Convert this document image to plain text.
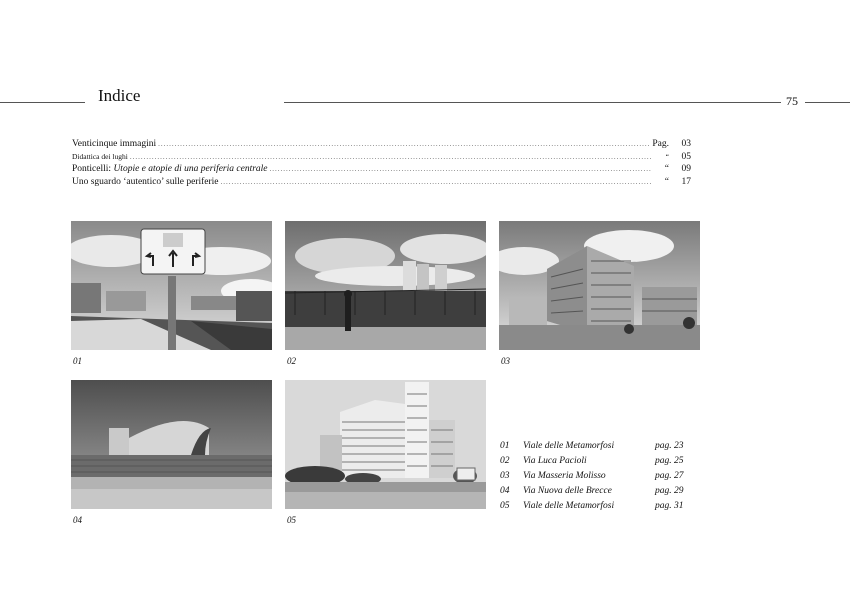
Indice	75
Venticinque immagini .....	Pag.	03
Didattica dei lughi .....	“	05
Ponticelli: Utopie e atopie di una periferia centrale .....	“	09
Uno sguardo ‘autentico’ sulle periferie .....	“	17
01	02	03
04	05
01	Viale delle Metamorfosi	pag. 23
02	Via Luca Pacioli	pag. 25
03	Via Masseria Molisso	pag. 27
04	Via Nuova delle Brecce	pag. 29
05	Viale delle Metamorfosi	pag. 31
